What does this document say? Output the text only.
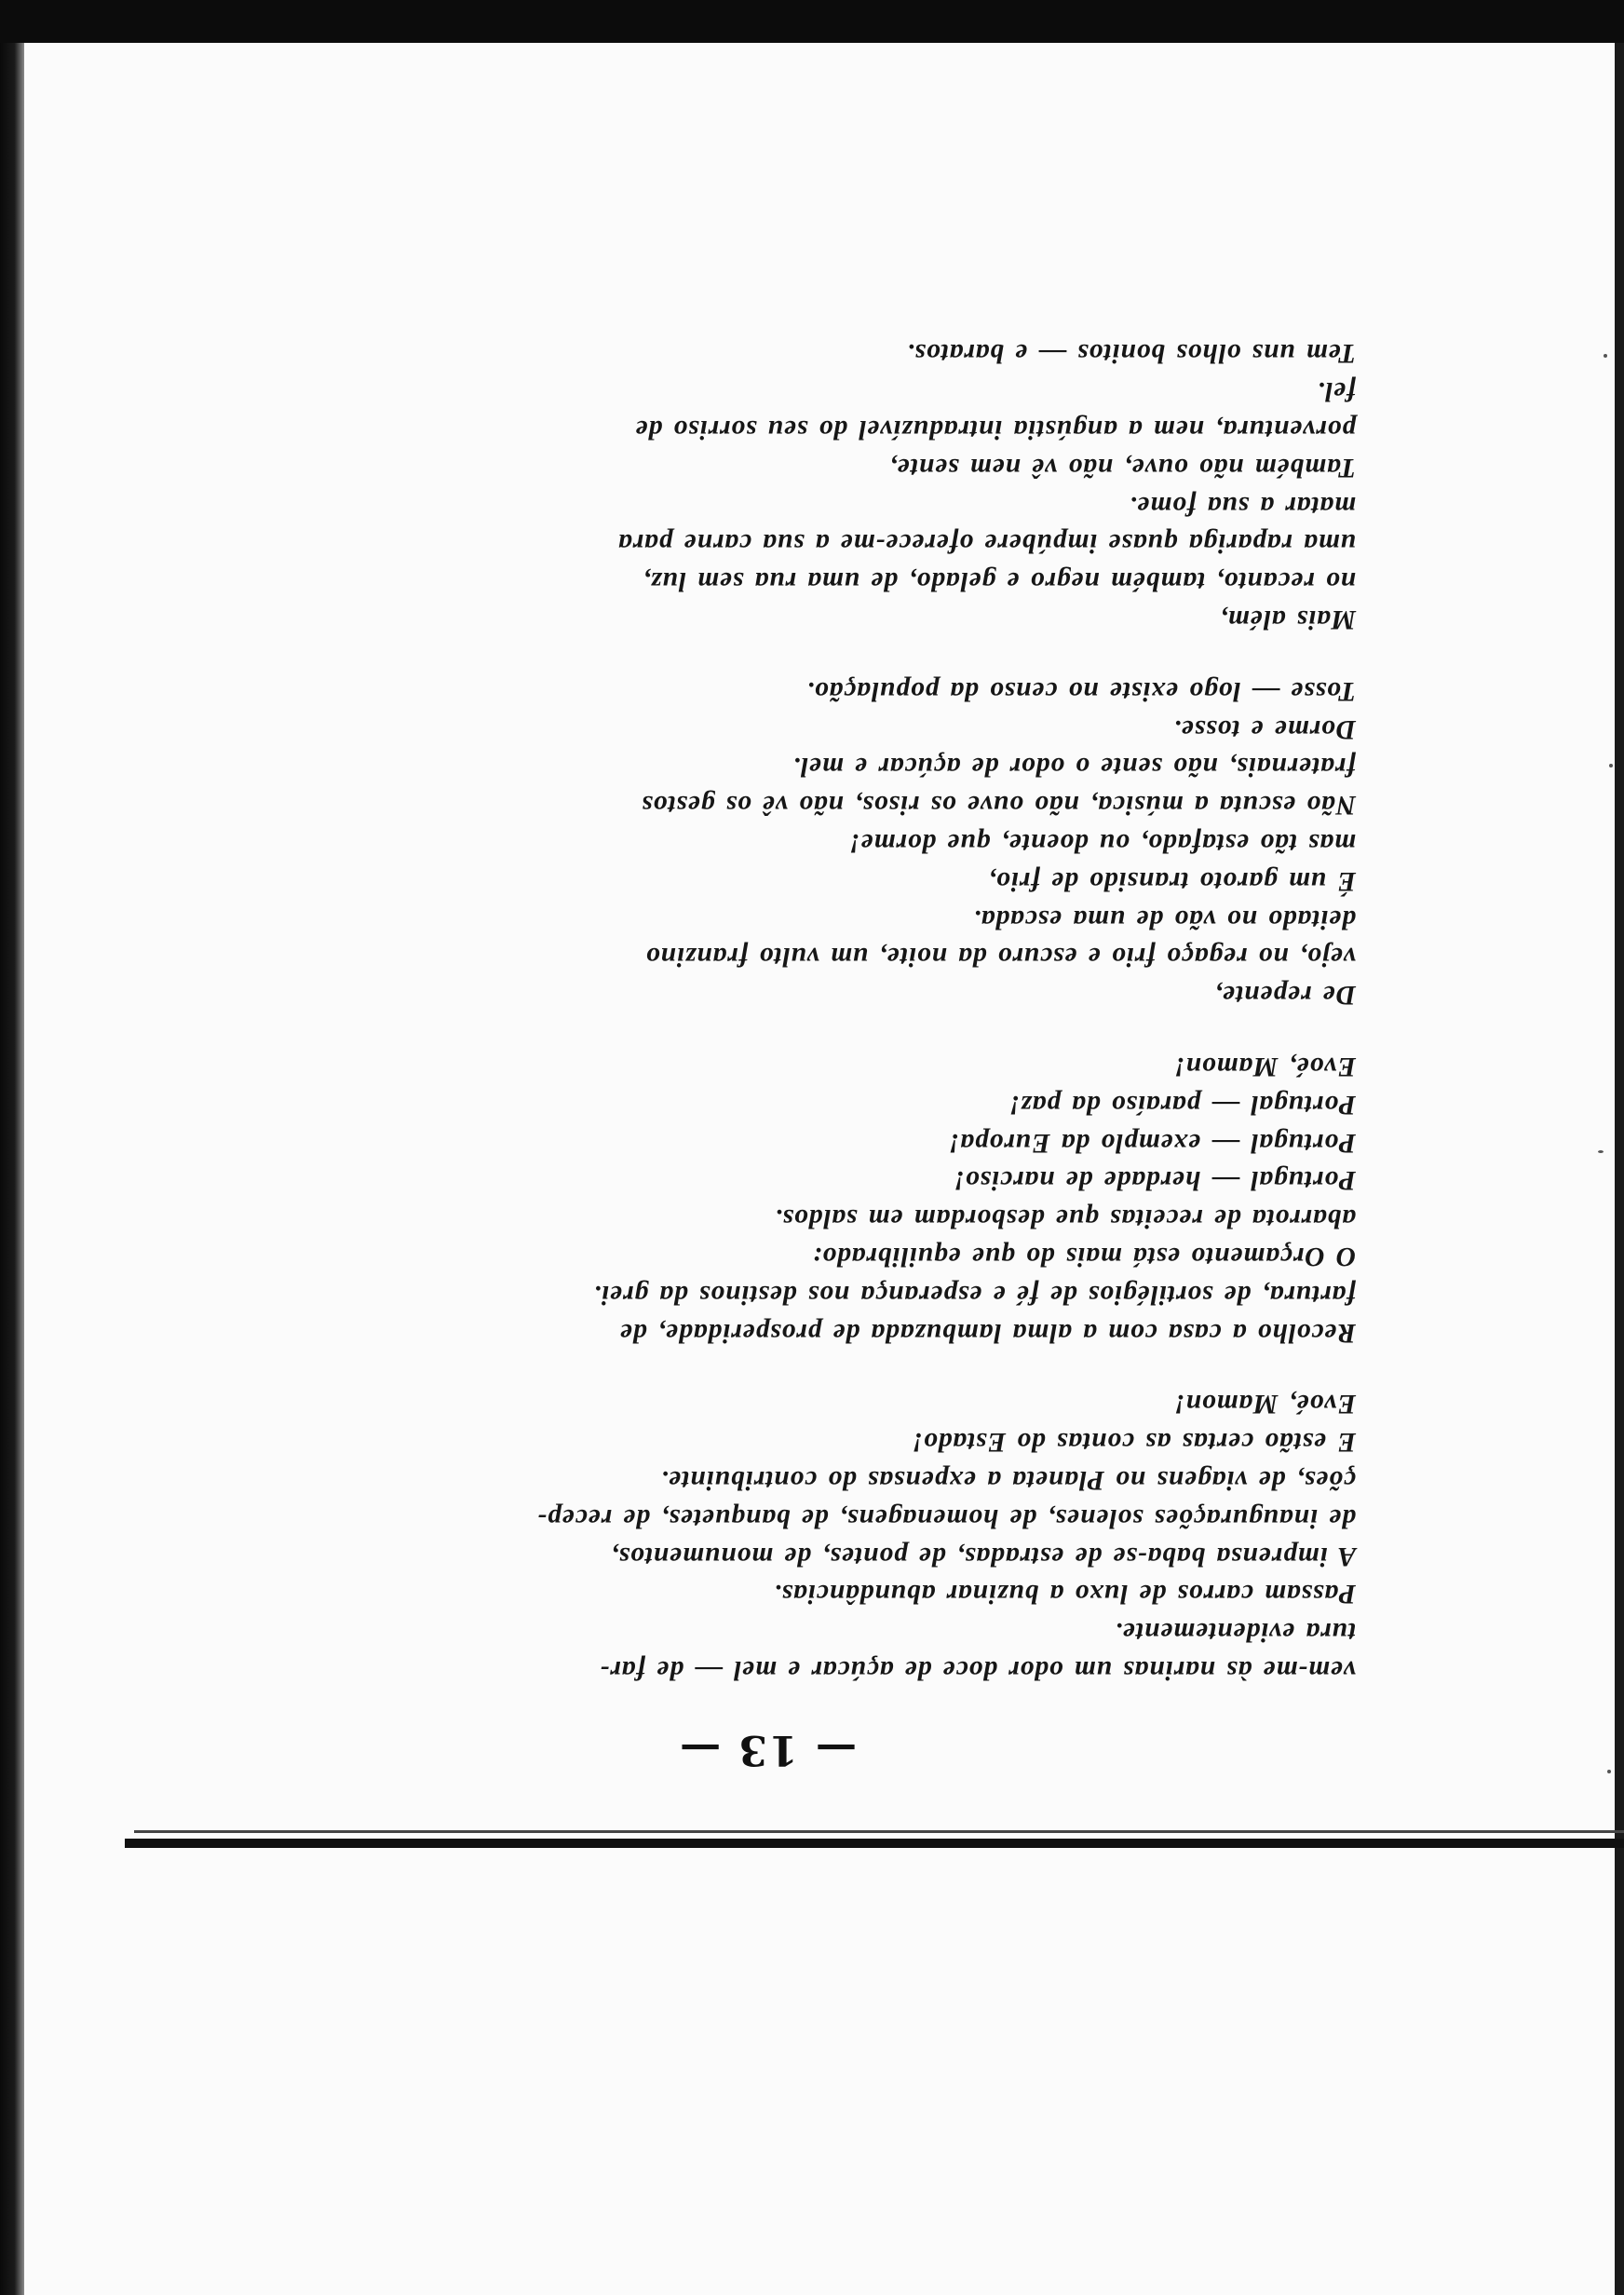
— 13 —
vem-me às narinas um odor doce de açúcar e mel — de far-
tura evidentemente.
Passam carros de luxo a buzinar abundâncias.
A imprensa baba-se de estradas, de pontes, de monumentos,
de inaugurações solenes, de homenagens, de banquetes, de recep-
ções, de viagens no Planeta a expensas do contribuinte.
E estão certas as contas do Estado!
Evoé, Mamon!
Recolho a casa com a alma lambuzada de prosperidade, de
fartura, de sortilégios de fé e esperança nos destinos da grei.
O Orçamento está mais do que equilibrado:
abarrota de receitas que desbordam em saldos.
Portugal — herdade de narciso!
Portugal — exemplo da Europa!
Portugal — paraíso da paz!
Evoé, Mamon!
De repente,
vejo, no regaço frio e escuro da noite, um vulto franzino
deitado no vão de uma escada.
É um garoto transido de frio,
mas tão estafado, ou doente, que dorme!
Não escuta a música, não ouve os risos, não vê os gestos
fraternais, não sente o odor de açúcar e mel.
Dorme e tosse.
Tosse — logo existe no censo da população.
Mais além,
no recanto, também negro e gelado, de uma rua sem luz,
uma rapariga quase impúbere oferece-me a sua carne para
matar a sua fome.
Também não ouve, não vê nem sente,
porventura, nem a angústia intraduzível do seu sorriso de
fel.
Tem uns olhos bonitos — e baratos.
